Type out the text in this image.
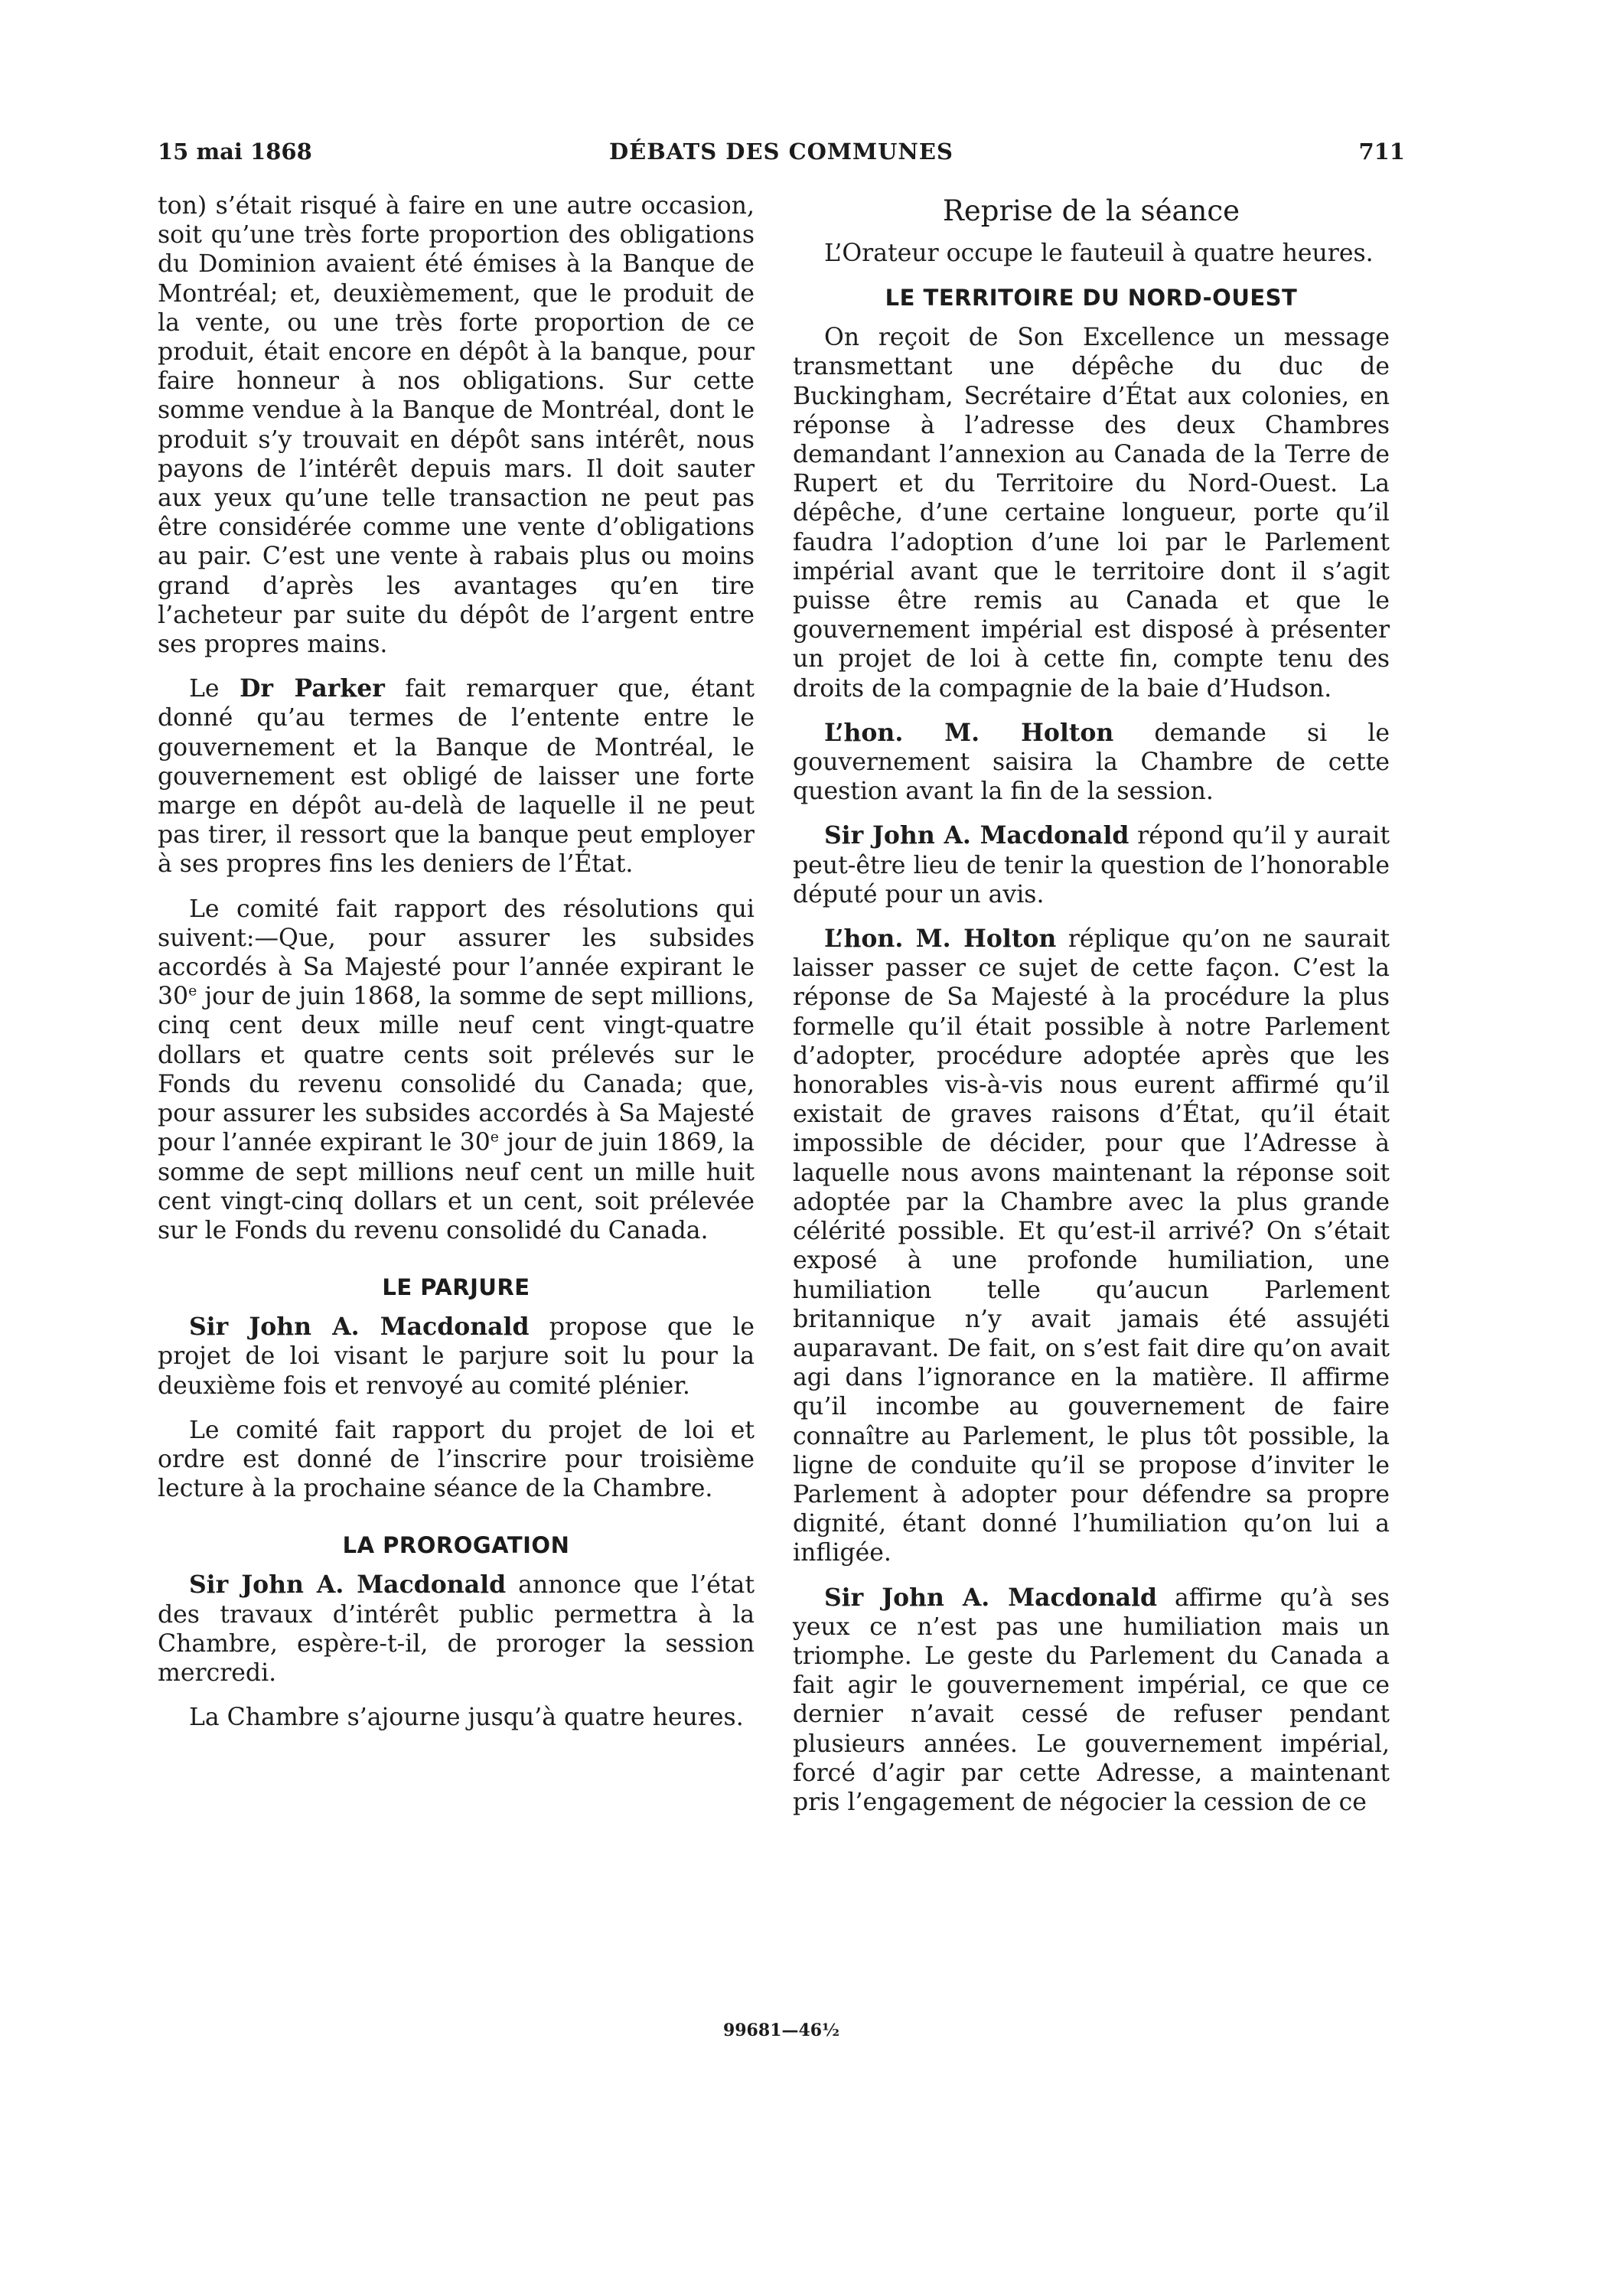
15 mai 1868	DÉBATS DES COMMUNES	711

ton) s’était risqué à faire en une autre occasion, soit qu’une très forte proportion des obligations du Dominion avaient été émises à la Banque de Montréal; et, deuxièmement, que le produit de la vente, ou une très forte proportion de ce produit, était encore en dépôt à la banque, pour faire honneur à nos obligations. Sur cette somme vendue à la Banque de Montréal, dont le produit s’y trouvait en dépôt sans intérêt, nous payons de l’intérêt depuis mars. Il doit sauter aux yeux qu’une telle transaction ne peut pas être considérée comme une vente d’obligations au pair. C’est une vente à rabais plus ou moins grand d’après les avantages qu’en tire l’acheteur par suite du dépôt de l’argent entre ses propres mains.

Le Dr Parker fait remarquer que, étant donné qu’au termes de l’entente entre le gouvernement et la Banque de Montréal, le gouvernement est obligé de laisser une forte marge en dépôt au-delà de laquelle il ne peut pas tirer, il ressort que la banque peut employer à ses propres fins les deniers de l’État.

Le comité fait rapport des résolutions qui suivent:—Que, pour assurer les subsides accordés à Sa Majesté pour l’année expirant le 30e jour de juin 1868, la somme de sept millions, cinq cent deux mille neuf cent vingt-quatre dollars et quatre cents soit prélevés sur le Fonds du revenu consolidé du Canada; que, pour assurer les subsides accordés à Sa Majesté pour l’année expirant le 30e jour de juin 1869, la somme de sept millions neuf cent un mille huit cent vingt-cinq dollars et un cent, soit prélevée sur le Fonds du revenu consolidé du Canada.

LE PARJURE

Sir John A. Macdonald propose que le projet de loi visant le parjure soit lu pour la deuxième fois et renvoyé au comité plénier.

Le comité fait rapport du projet de loi et ordre est donné de l’inscrire pour troisième lecture à la prochaine séance de la Chambre.

LA PROROGATION

Sir John A. Macdonald annonce que l’état des travaux d’intérêt public permettra à la Chambre, espère-t-il, de proroger la session mercredi.

La Chambre s’ajourne jusqu’à quatre heures.

Reprise de la séance

L’Orateur occupe le fauteuil à quatre heures.

LE TERRITOIRE DU NORD-OUEST

On reçoit de Son Excellence un message transmettant une dépêche du duc de Buckingham, Secrétaire d’État aux colonies, en réponse à l’adresse des deux Chambres demandant l’annexion au Canada de la Terre de Rupert et du Territoire du Nord-Ouest. La dépêche, d’une certaine longueur, porte qu’il faudra l’adoption d’une loi par le Parlement impérial avant que le territoire dont il s’agit puisse être remis au Canada et que le gouvernement impérial est disposé à présenter un projet de loi à cette fin, compte tenu des droits de la compagnie de la baie d’Hudson.

L’hon. M. Holton demande si le gouvernement saisira la Chambre de cette question avant la fin de la session.

Sir John A. Macdonald répond qu’il y aurait peut-être lieu de tenir la question de l’honorable député pour un avis.

L’hon. M. Holton réplique qu’on ne saurait laisser passer ce sujet de cette façon. C’est la réponse de Sa Majesté à la procédure la plus formelle qu’il était possible à notre Parlement d’adopter, procédure adoptée après que les honorables vis-à-vis nous eurent affirmé qu’il existait de graves raisons d’État, qu’il était impossible de décider, pour que l’Adresse à laquelle nous avons maintenant la réponse soit adoptée par la Chambre avec la plus grande célérité possible. Et qu’est-il arrivé? On s’était exposé à une profonde humiliation, une humiliation telle qu’aucun Parlement britannique n’y avait jamais été assujéti auparavant. De fait, on s’est fait dire qu’on avait agi dans l’ignorance en la matière. Il affirme qu’il incombe au gouvernement de faire connaître au Parlement, le plus tôt possible, la ligne de conduite qu’il se propose d’inviter le Parlement à adopter pour défendre sa propre dignité, étant donné l’humiliation qu’on lui a infligée.

Sir John A. Macdonald affirme qu’à ses yeux ce n’est pas une humiliation mais un triomphe. Le geste du Parlement du Canada a fait agir le gouvernement impérial, ce que ce dernier n’avait cessé de refuser pendant plusieurs années. Le gouvernement impérial, forcé d’agir par cette Adresse, a maintenant pris l’engagement de négocier la cession de ce

99681—46½
